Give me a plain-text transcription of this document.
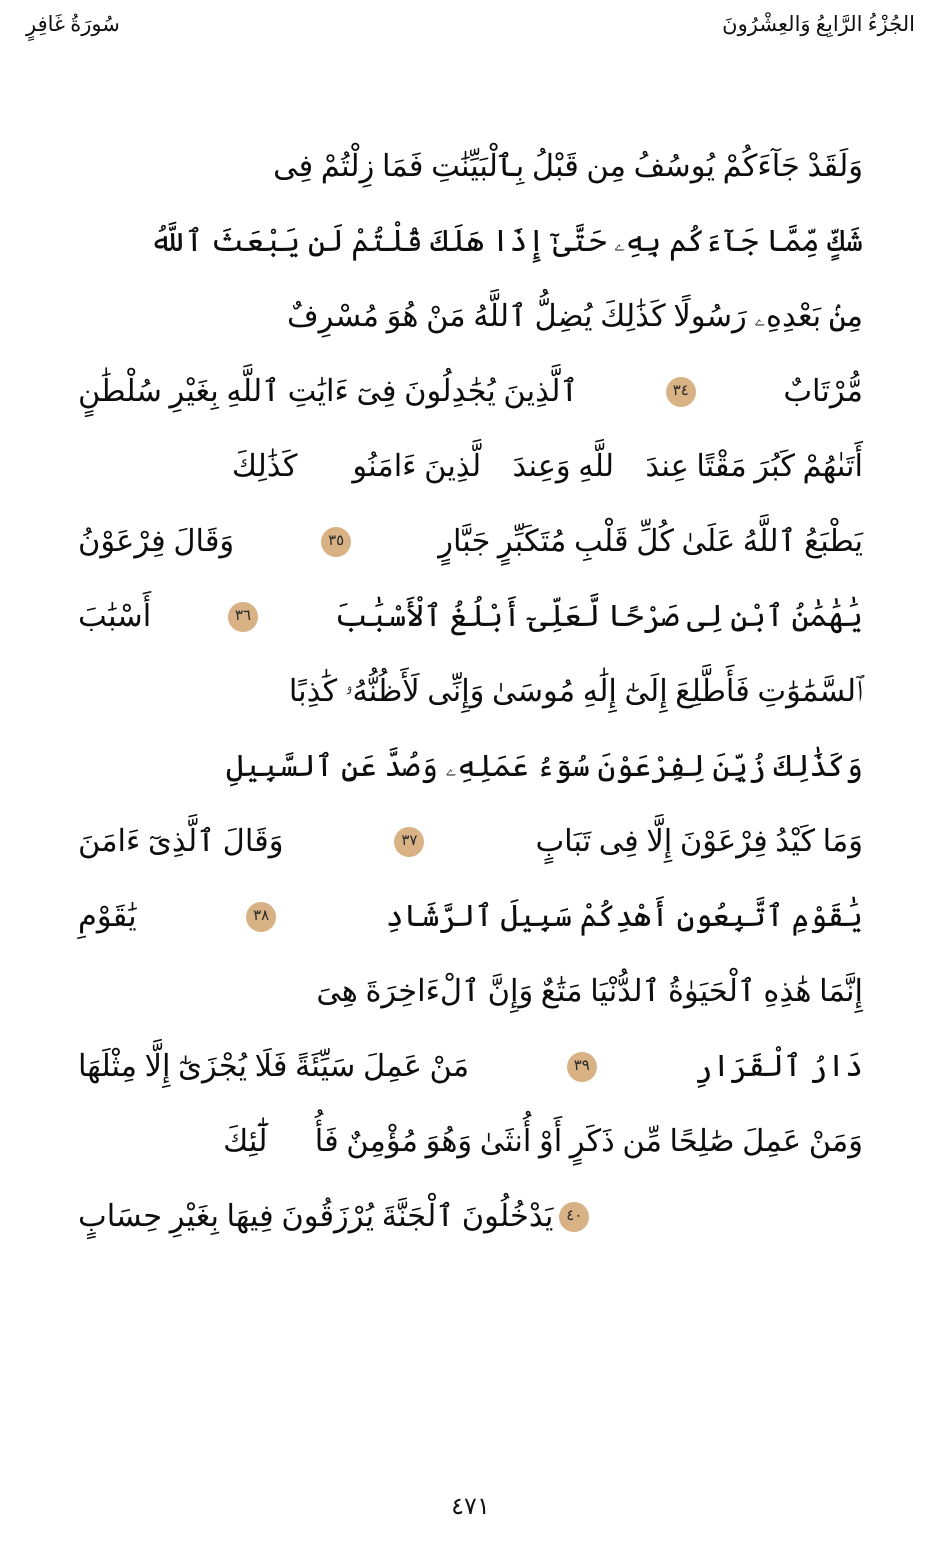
الجُزْءُ الرَّابِعُ وَالعِشْرُونَ
سُورَةُ غَافِرٍ
وَلَقَدْ جَآءَكُمْ يُوسُفُ مِن قَبْلُ بِٱلْبَيِّنَٰتِ فَمَا زِلْتُمْ فِى
شَكٍّ مِّمَّا جَآءَكُم بِهِۦ حَتَّىٰٓ إِذَا هَلَكَ قُلْتُمْ لَن يَبْعَثَ ٱللَّهُ
مِنۢ بَعْدِهِۦ رَسُولًا كَذَٰلِكَ يُضِلُّ ٱللَّهُ مَنْ هُوَ مُسْرِفٌ
مُّرْتَابٌ
٣٤
ٱلَّذِينَ يُجَٰدِلُونَ فِىٓ ءَايَٰتِ ٱللَّهِ بِغَيْرِ سُلْطَٰنٍ
أَتَىٰهُمْ كَبُرَ مَقْتًا عِندَ ٱللَّهِ وَعِندَ ٱلَّذِينَ ءَامَنُوا۟ كَذَٰلِكَ
يَطْبَعُ ٱللَّهُ عَلَىٰ كُلِّ قَلْبِ مُتَكَبِّرٍ جَبَّارٍ
٣٥
وَقَالَ فِرْعَوْنُ
يَٰهَٰمَٰنُ ٱبْنِ لِى صَرْحًا لَّعَلِّىٓ أَبْلُغُ ٱلْأَسْبَٰبَ
٣٦
أَسْبَٰبَ
ٱلسَّمَٰوَٰتِ فَأَطَّلِعَ إِلَىٰٓ إِلَٰهِ مُوسَىٰ وَإِنِّى لَأَظُنُّهُۥ كَٰذِبًا
وَكَذَٰلِكَ زُيِّنَ لِفِرْعَوْنَ سُوٓءُ عَمَلِهِۦ وَصُدَّ عَنِ ٱلسَّبِيلِ
وَمَا كَيْدُ فِرْعَوْنَ إِلَّا فِى تَبَابٍ
٣٧
وَقَالَ ٱلَّذِىٓ ءَامَنَ
يَٰقَوْمِ ٱتَّبِعُونِ أَهْدِكُمْ سَبِيلَ ٱلرَّشَادِ
٣٨
يَٰقَوْمِ
إِنَّمَا هَٰذِهِ ٱلْحَيَوٰةُ ٱلدُّنْيَا مَتَٰعٌ وَإِنَّ ٱلْءَاخِرَةَ هِىَ
دَارُ ٱلْقَرَارِ
٣٩
مَنْ عَمِلَ سَيِّئَةً فَلَا يُجْزَىٰٓ إِلَّا مِثْلَهَا
وَمَنْ عَمِلَ صَٰلِحًا مِّن ذَكَرٍ أَوْ أُنثَىٰ وَهُوَ مُؤْمِنٌ فَأُو۟لَٰٓئِكَ
٤٠
يَدْخُلُونَ ٱلْجَنَّةَ يُرْزَقُونَ فِيهَا بِغَيْرِ حِسَابٍ
٤٧١
